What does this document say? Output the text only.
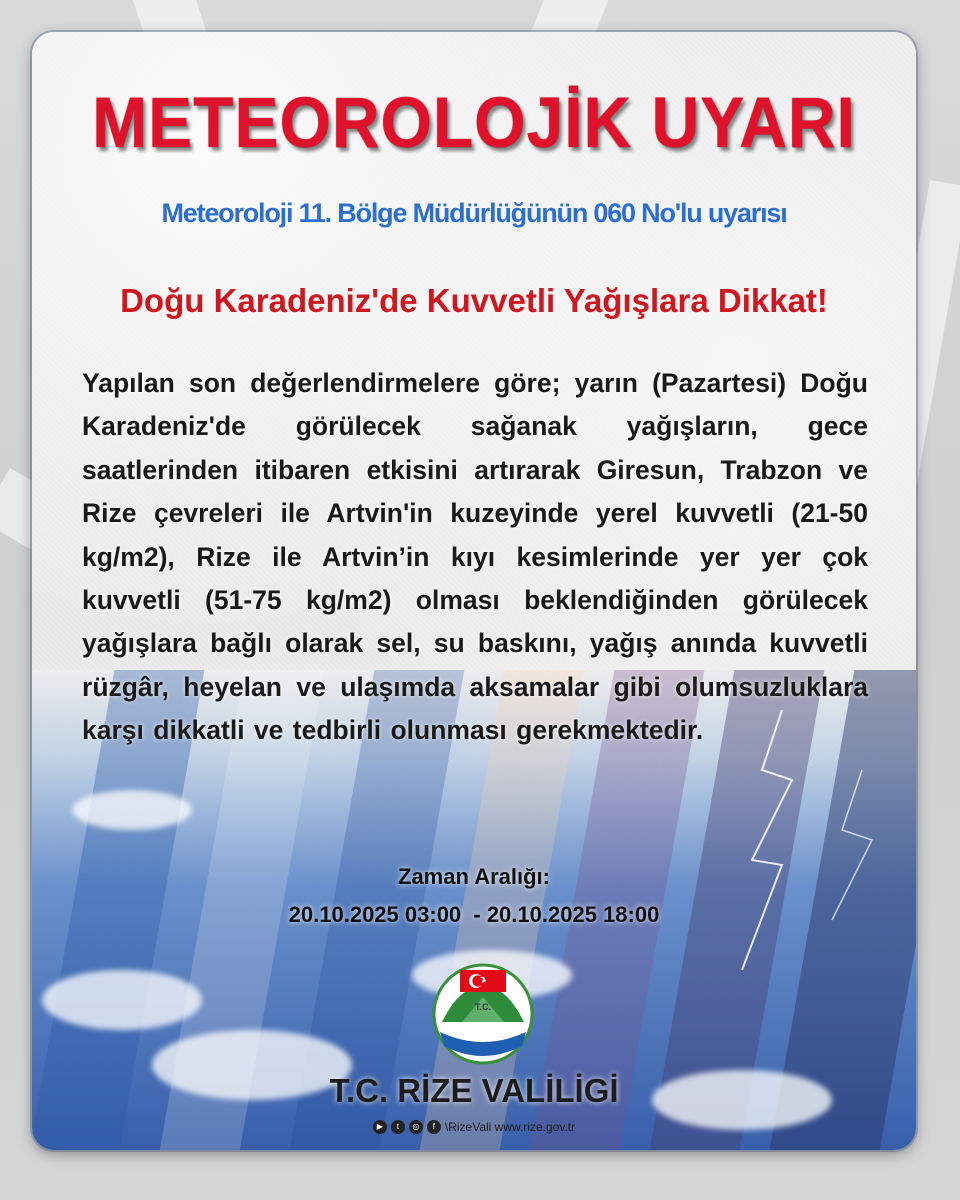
METEOROLOJİK UYARI
Meteoroloji 11. Bölge Müdürlüğünün 060 No'lu uyarısı
Doğu Karadeniz'de Kuvvetli Yağışlara Dikkat!
Yapılan son değerlendirmelere göre; yarın (Pazartesi) Doğu Karadeniz'de görülecek sağanak yağışların, gece saatlerinden itibaren etkisini artırarak Giresun, Trabzon ve Rize çevreleri ile Artvin'in kuzeyinde yerel kuvvetli (21-50 kg/m2), Rize ile Artvin’in kıyı kesimlerinde yer yer çok kuvvetli (51-75 kg/m2) olması beklendiğinden görülecek yağışlara bağlı olarak sel, su baskını, yağış anında kuvvetli rüzgâr, heyelan ve ulaşımda aksamalar gibi olumsuzluklara karşı dikkatli ve tedbirli olunması gerekmektedir.
Zaman Aralığı:
20.10.2025 03:00  - 20.10.2025 18:00
T.C.
T.C. RİZE VALİLİGİ
▶	t	◎	f \RizeVali www.rize.gov.tr
